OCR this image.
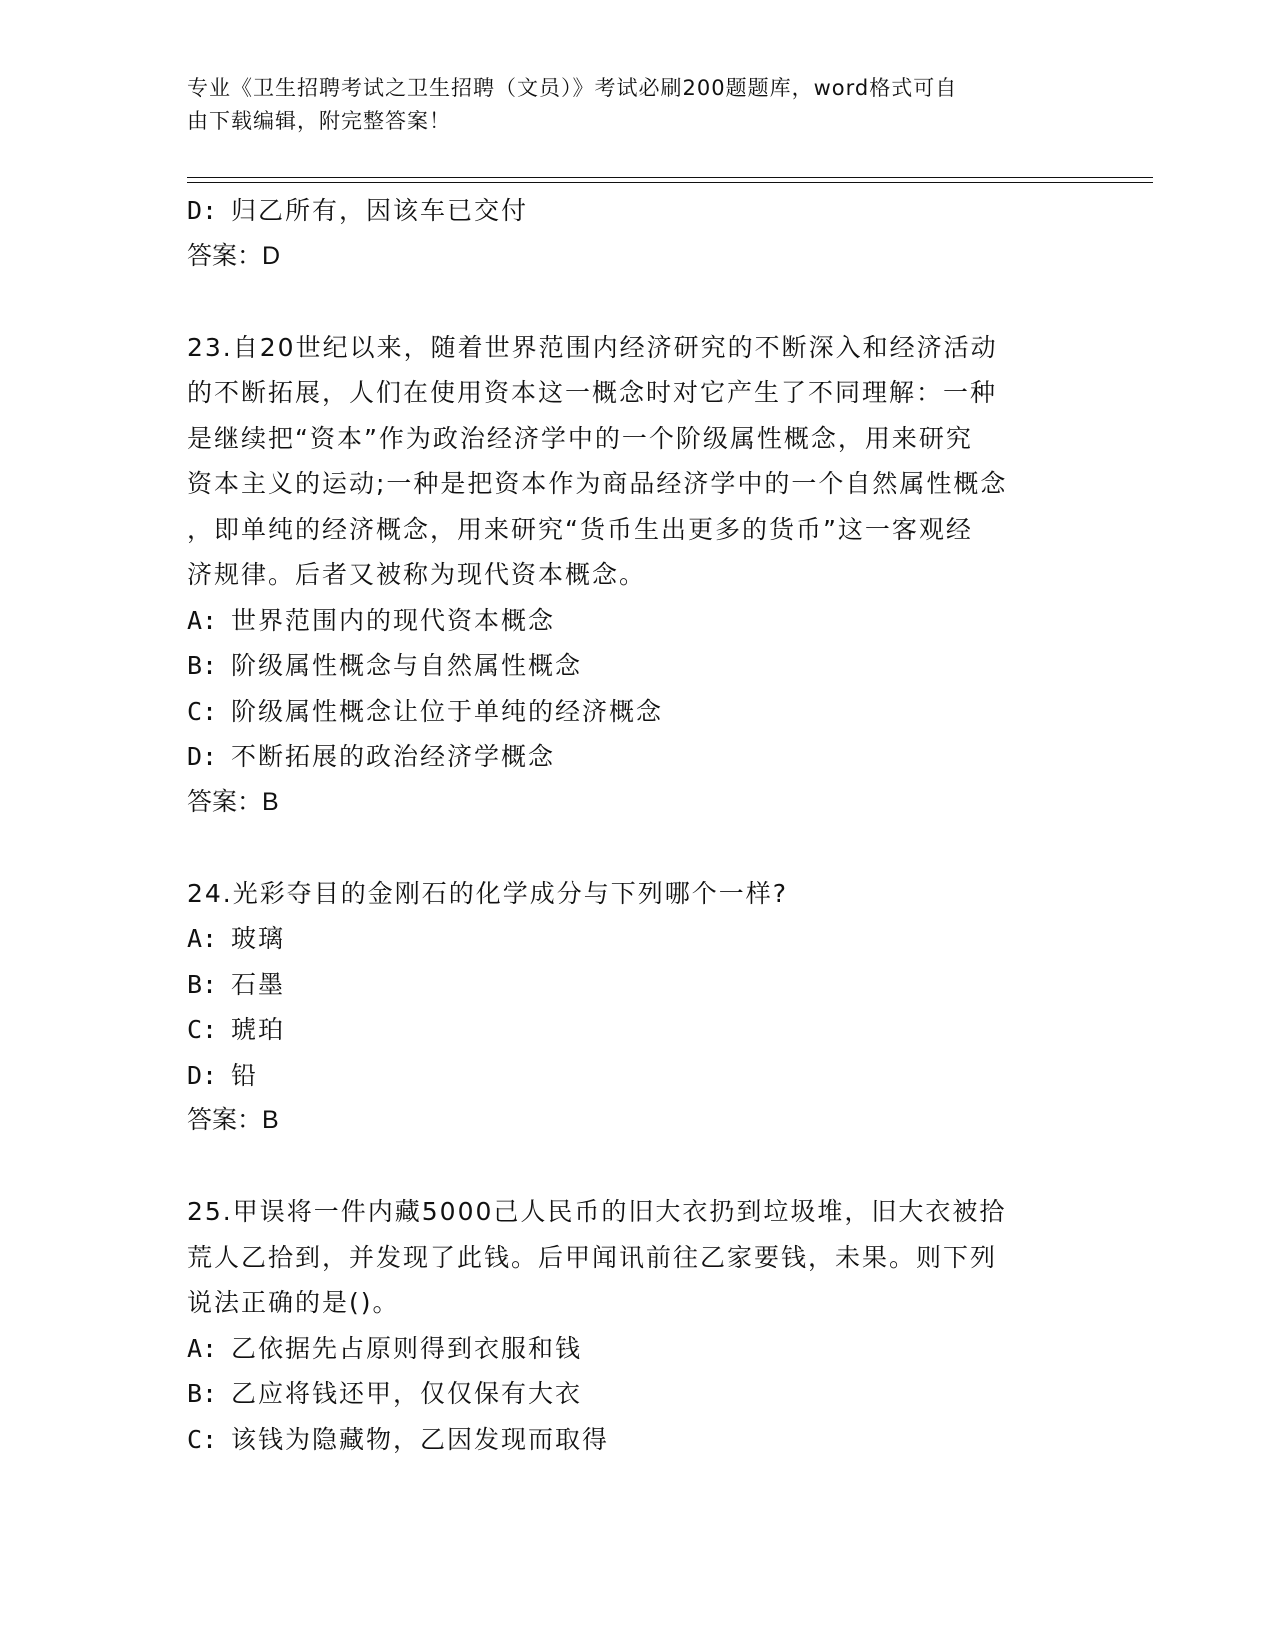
专业《卫生招聘考试之卫生招聘（文员）》考试必刷200题题库，word格式可自
由下载编辑，附完整答案！
D: 归乙所有，因该车已交付
答案：D
23.自20世纪以来，随着世界范围内经济研究的不断深入和经济活动
的不断拓展，人们在使用资本这一概念时对它产生了不同理解：一种
是继续把“资本”作为政治经济学中的一个阶级属性概念，用来研究
资本主义的运动;一种是把资本作为商品经济学中的一个自然属性概念
，即单纯的经济概念，用来研究“货币生出更多的货币”这一客观经
济规律。后者又被称为现代资本概念。
A: 世界范围内的现代资本概念
B: 阶级属性概念与自然属性概念
C: 阶级属性概念让位于单纯的经济概念
D: 不断拓展的政治经济学概念
答案：B
24.光彩夺目的金刚石的化学成分与下列哪个一样?
A: 玻璃
B: 石墨
C: 琥珀
D: 铅
答案：B
25.甲误将一件内藏5000己人民币的旧大衣扔到垃圾堆，旧大衣被拾
荒人乙拾到，并发现了此钱。后甲闻讯前往乙家要钱，未果。则下列
说法正确的是()。
A: 乙依据先占原则得到衣服和钱
B: 乙应将钱还甲，仅仅保有大衣
C: 该钱为隐藏物，乙因发现而取得
